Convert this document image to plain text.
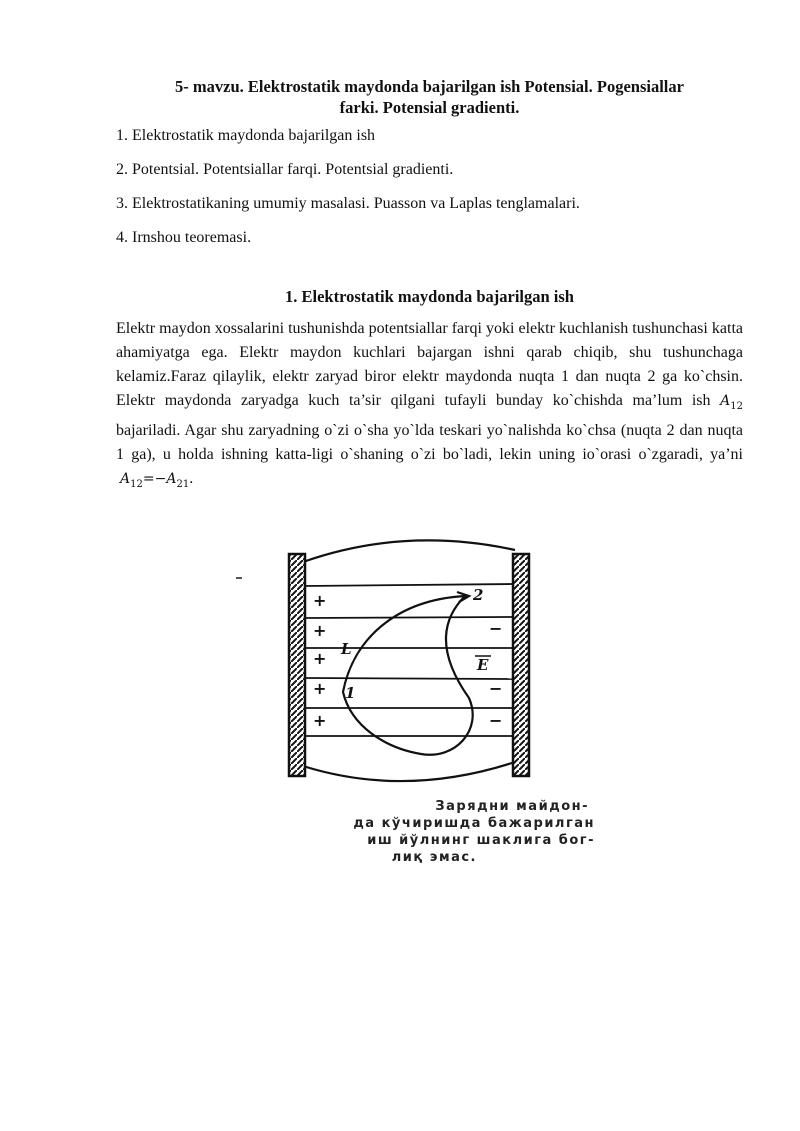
5- mavzu. Elektrostatik maydonda bajarilgan ish Potensial. Pogensiallar
farki. Potensial gradienti.
1. Elektrostatik maydonda bajarilgan ish
2. Potentsial. Potentsiallar farqi. Potentsial gradienti.
3. Elektrostatikaning umumiy masalasi. Puasson va Laplas tenglamalari.
4. Irnshou teoremasi.
1. Elektrostatik maydonda bajarilgan ish

Elektr maydon xossalarini tushunishda potentsiallar farqi yoki elektr kuchlanish tushunchasi katta ahamiyatga ega. Elektr maydon kuchlari bajargan ishni qarab chiqib, shu tushunchaga kelamiz.Faraz qilaylik, elektr zaryad biror elektr maydonda nuqta 1 dan nuqta 2 ga ko`chsin. Elektr maydonda zaryadga kuch ta’sir qilgani tufayli bunday ko`chishda ma’lum ish $A_{12}$ bajariladi. Agar shu zaryadning o`zi o`sha yo`lda teskari yo`nalishda ko`chsa (nuqta 2 dan nuqta 1 ga), u holda ishning katta-ligi o`shaning o`zi bo`ladi, lekin uning io`orasi o`zgaradi, ya’ni  $A_{12}=-A_{21}$.

+
+
+
+
+
−
−
−
2
L
E
1
Зарядни майдон-
да кўчиришда бажарилган
иш йўлнинг шаклига бог-
лиқ эмас.
